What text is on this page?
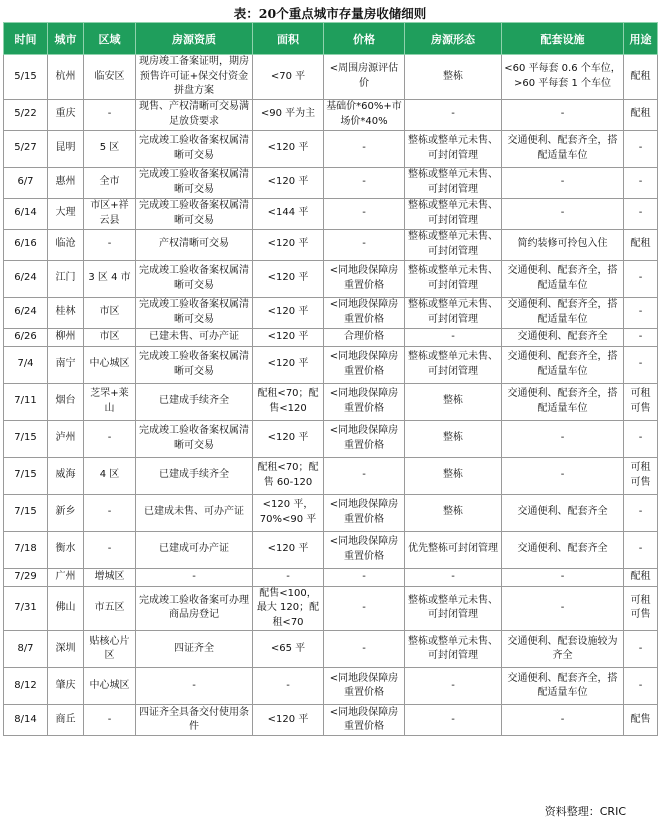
表：20个重点城市存量房收储细则
时间	城市	区域	房源资质	面积	价格	房源形态	配套设施	用途
5/15	杭州	临安区	现房竣工备案证明，期房预售许可证+保交付资金拼盘方案	<70 平	<周围房源评估价	整栋	<60 平每套 0.6 个车位，>60 平每套 1 个车位	配租
5/22	重庆	-	现售、产权清晰可交易满足放贷要求	<90 平为主	基础价*60%+市场价*40%	-	-	配租
5/27	昆明	5 区	完成竣工验收备案权属清晰可交易	<120 平	-	整栋或整单元未售、可封闭管理	交通便利、配套齐全，搭配适量车位	-
6/7	惠州	全市	完成竣工验收备案权属清晰可交易	<120 平	-	整栋或整单元未售、可封闭管理	-	-
6/14	大理	市区+祥云县	完成竣工验收备案权属清晰可交易	<144 平	-	整栋或整单元未售、可封闭管理	-	-
6/16	临沧	-	产权清晰可交易	<120 平	-	整栋或整单元未售、可封闭管理	简约装修可拎包入住	配租
6/24	江门	3 区 4 市	完成竣工验收备案权属清晰可交易	<120 平	<同地段保障房重置价格	整栋或整单元未售、可封闭管理	交通便利、配套齐全，搭配适量车位	-
6/24	桂林	市区	完成竣工验收备案权属清晰可交易	<120 平	<同地段保障房重置价格	整栋或整单元未售、可封闭管理	交通便利、配套齐全，搭配适量车位	-
6/26	柳州	市区	已建未售、可办产证	<120 平	合理价格	-	交通便利、配套齐全	-
7/4	南宁	中心城区	完成竣工验收备案权属清晰可交易	<120 平	<同地段保障房重置价格	整栋或整单元未售、可封闭管理	交通便利、配套齐全，搭配适量车位	-
7/11	烟台	芝罘+莱山	已建成手续齐全	配租<70；配售<120	<同地段保障房重置价格	整栋	交通便利、配套齐全，搭配适量车位	可租可售
7/15	泸州	-	完成竣工验收备案权属清晰可交易	<120 平	<同地段保障房重置价格	整栋	-	-
7/15	威海	4 区	已建成手续齐全	配租<70；配售 60-120	-	整栋	-	可租可售
7/15	新乡	-	已建成未售、可办产证	<120 平，70%<90 平	<同地段保障房重置价格	整栋	交通便利、配套齐全	-
7/18	衡水	-	已建成可办产证	<120 平	<同地段保障房重置价格	优先整栋可封闭管理	交通便利、配套齐全	-
7/29	广州	增城区	-	-	-	-	-	配租
7/31	佛山	市五区	完成竣工验收备案可办理商品房登记	配售<100，最大 120；配租<70	-	整栋或整单元未售、可封闭管理	-	可租可售
8/7	深圳	贴核心片区	四证齐全	<65 平	-	整栋或整单元未售、可封闭管理	交通便利、配套设施较为齐全	-
8/12	肇庆	中心城区	-	-	<同地段保障房重置价格	-	交通便利、配套齐全，搭配适量车位	-
8/14	商丘	-	四证齐全具备交付使用条件	<120 平	<同地段保障房重置价格	-	-	配售
资料整理：CRIC
